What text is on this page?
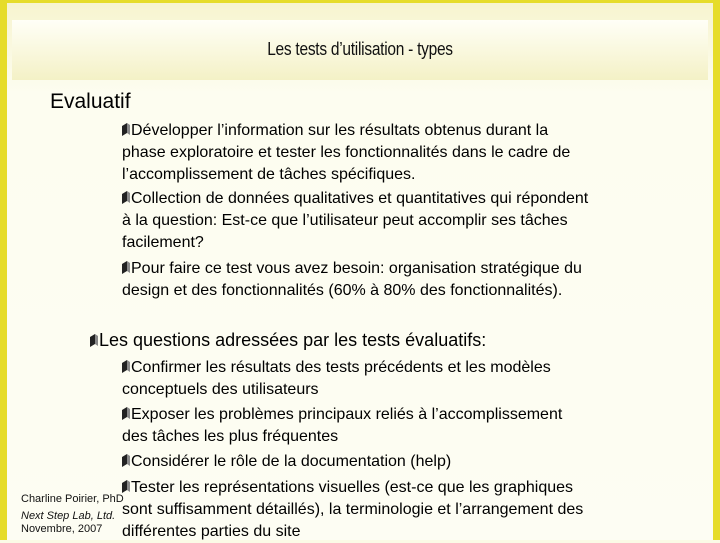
Les tests d’utilisation - types
Evaluatif
Développer l’information sur les résultats obtenus durant la phase exploratoire et tester les fonctionnalités dans le cadre de l’accomplissement de tâches spécifiques.
Collection de données qualitatives et quantitatives qui répondent à la question: Est-ce que l’utilisateur peut accomplir ses tâches facilement?
Pour faire ce test vous avez besoin: organisation stratégique du design et des fonctionnalités (60% à 80% des fonctionnalités).
Les questions adressées par les tests évaluatifs:
Confirmer les résultats des tests précédents et les modèles conceptuels des utilisateurs
Exposer les problèmes principaux reliés à l’accomplissement des tâches les plus fréquentes
Considérer le rôle de la documentation (help)
Tester les représentations visuelles (est-ce que les graphiques sont suffisamment détaillés), la terminologie et l’arrangement des différentes parties du site
Charline Poirier, PhD
Next Step Lab, Ltd.
Novembre, 2007
